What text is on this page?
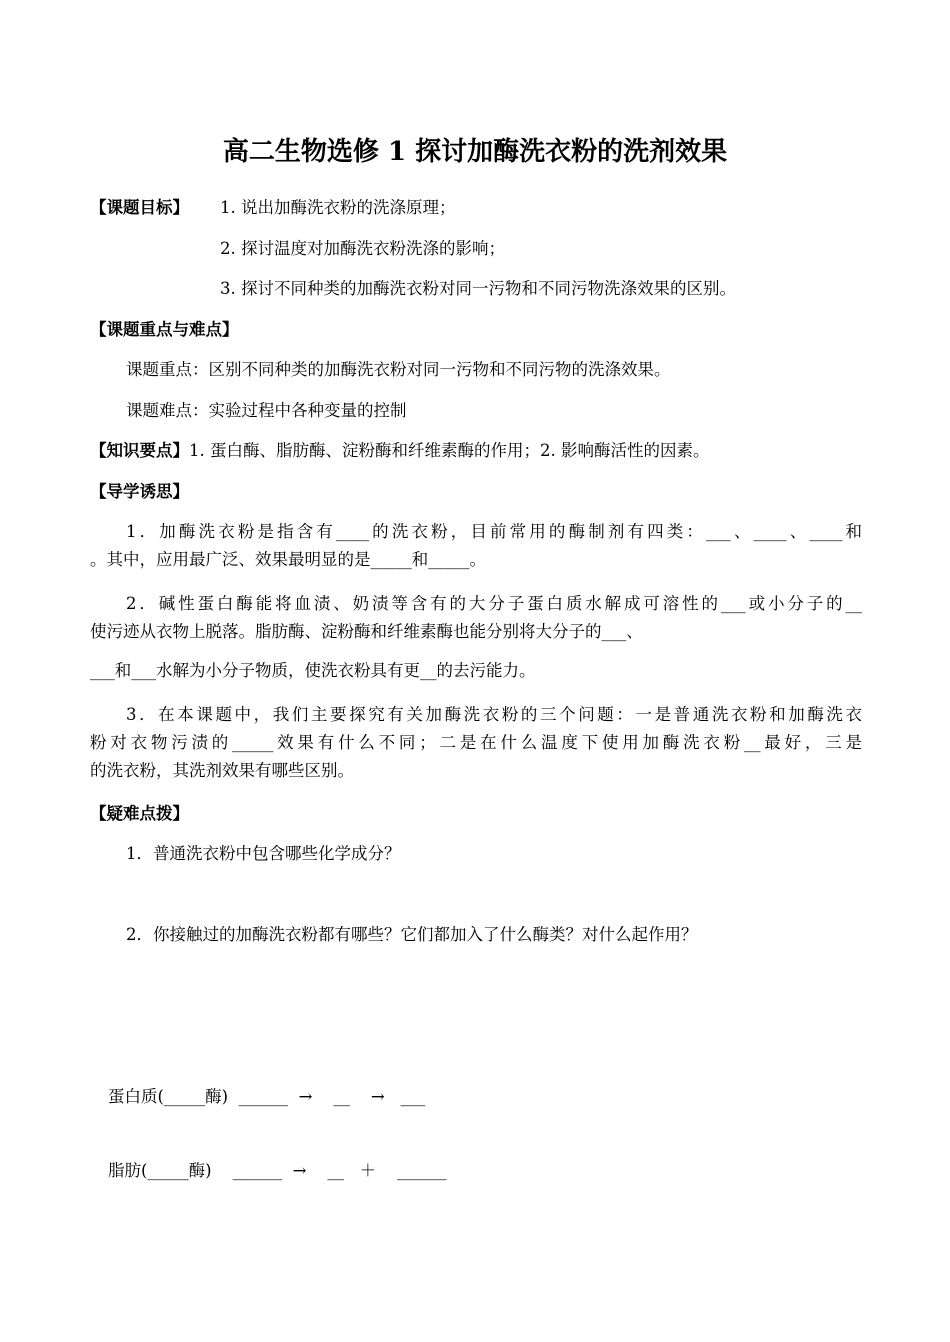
高二生物选修 1 探讨加酶洗衣粉的洗剂效果
【课题目标】 1. 说出加酶洗衣粉的洗涤原理；
2. 探讨温度对加酶洗衣粉洗涤的影响；
3. 探讨不同种类的加酶洗衣粉对同一污物和不同污物洗涤效果的区别。
【课题重点与难点】
课题重点：区别不同种类的加酶洗衣粉对同一污物和不同污物的洗涤效果。
课题难点：实验过程中各种变量的控制
【知识要点】1. 蛋白酶、脂肪酶、淀粉酶和纤维素酶的作用；2. 影响酶活性的因素。
【导学诱思】
1．加酶洗衣粉是指含有____的洗衣粉，目前常用的酶制剂有四类：___、____、____和
。其中，应用最广泛、效果最明显的是_____和_____。
2．碱性蛋白酶能将血渍、奶渍等含有的大分子蛋白质水解成可溶性的___或小分子的__
使污迹从衣物上脱落。脂肪酶、淀粉酶和纤维素酶也能分别将大分子的___、
___和___水解为小分子物质，使洗衣粉具有更__的去污能力。
3．在本课题中，我们主要探究有关加酶洗衣粉的三个问题：一是普通洗衣粉和加酶洗衣
粉对衣物污渍的_____效果有什么不同；二是在什么温度下使用加酶洗衣粉__最好，三是
的洗衣粉，其洗剂效果有哪些区别。
【疑难点拨】
1．普通洗衣粉中包含哪些化学成分？
2．你接触过的加酶洗衣粉都有哪些？它们都加入了什么酶类？对什么起作用？
蛋白质(_____酶)  ______  →    __    →   ___
脂肪(_____酶)    ______  →    __   ＋    ______
